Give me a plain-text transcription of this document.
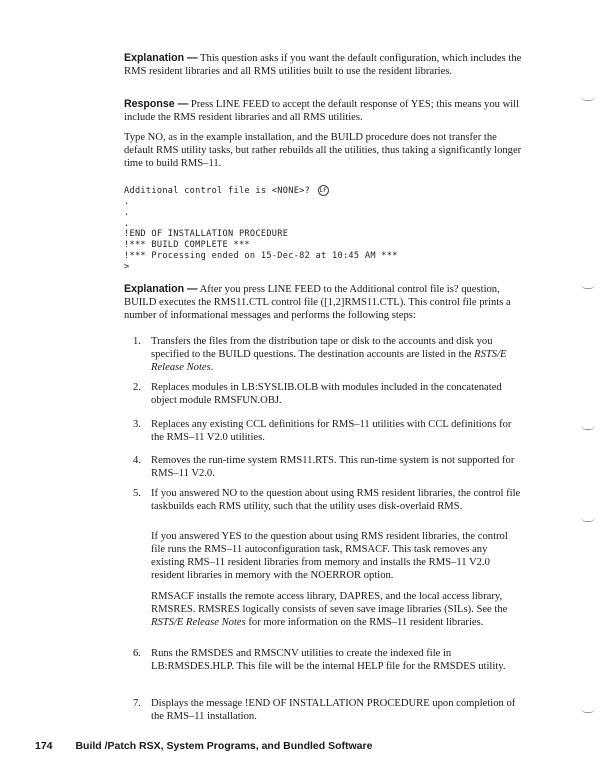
Explanation — This question asks if you want the default configuration, which includes the RMS resident libraries and all RMS utilities built to use the resident libraries.
Response — Press LINE FEED to accept the default response of YES; this means you will include the RMS resident libraries and all RMS utilities.
Type NO, as in the example installation, and the BUILD procedure does not transfer the default RMS utility tasks, but rather rebuilds all the utilities, thus taking a significantly longer time to build RMS–11.
Additional control file is <NONE>? LF
.
.
.
!END OF INSTALLATION PROCEDURE
!*** BUILD COMPLETE ***
!*** Processing ended on 15-Dec-82 at 10:45 AM ***
>
Explanation — After you press LINE FEED to the Additional control file is? question, BUILD executes the RMS11.CTL control file ([1,2]RMS11.CTL). This control file prints a number of informational messages and performs the following steps:
1. Transfers the files from the distribution tape or disk to the accounts and disk you specified to the BUILD questions. The destination accounts are listed in the RSTS/E Release Notes.
2. Replaces modules in LB:SYSLIB.OLB with modules included in the concatenated object module RMSFUN.OBJ.
3. Replaces any existing CCL definitions for RMS–11 utilities with CCL definitions for the RMS–11 V2.0 utilities.
4. Removes the run-time system RMS11.RTS. This run-time system is not supported for RMS–11 V2.0.
5. If you answered NO to the question about using RMS resident libraries, the control file taskbuilds each RMS utility, such that the utility uses disk-overlaid RMS.
If you answered YES to the question about using RMS resident libraries, the control file runs the RMS–11 autoconfiguration task, RMSACF. This task removes any existing RMS–11 resident libraries from memory and installs the RMS–11 V2.0 resident libraries in memory with the NOERROR option.
RMSACF installs the remote access library, DAPRES, and the local access library, RMSRES. RMSRES logically consists of seven save image libraries (SILs). See the RSTS/E Release Notes for more information on the RMS–11 resident libraries.
6. Runs the RMSDES and RMSCNV utilities to create the indexed file in LB:RMSDES.HLP. This file will be the internal HELP file for the RMSDES utility.
7. Displays the message !END OF INSTALLATION PROCEDURE upon completion of the RMS–11 installation.
174 Build /Patch RSX, System Programs, and Bundled Software
